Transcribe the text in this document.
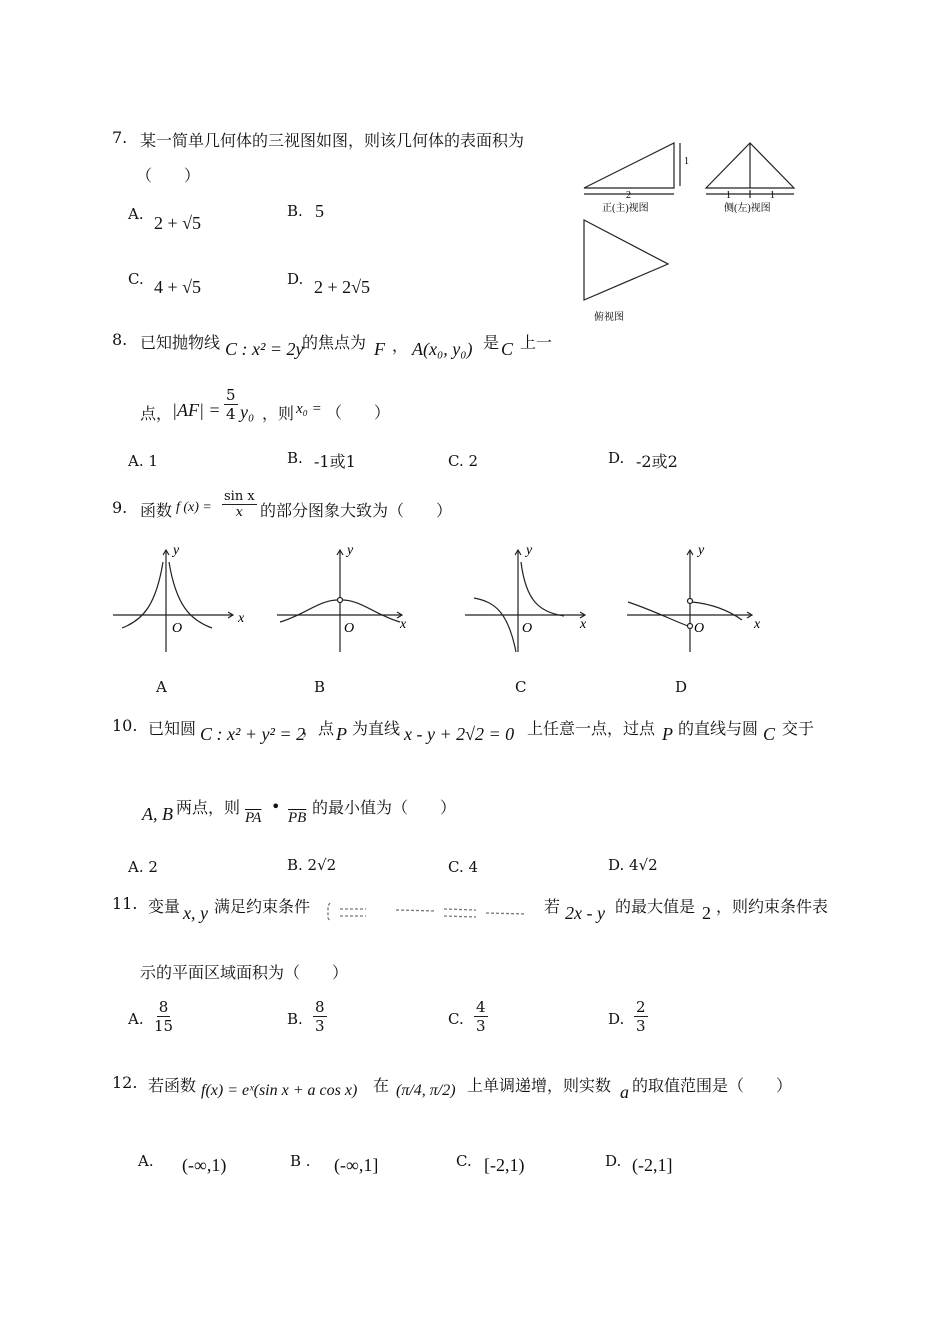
7. 某一简单几何体的三视图如图，则该几何体的表面积为
（　　）
A. 2 + √5
B. 5
C. 4 + √5	D. 2 + 2√5
1
2	1	1
正(主)视图	侧(左)视图
俯视图
8. 已知抛物线 C : x² = 2y
的焦点为 F ， A(x₀, y₀) 是 C 上一
点， $|AF| = \frac{5}{4} y_0$ ，则 x₀ = （　　）
A. 1	B. -1或1	C. 2	D. -2或2
9. 函数 f $(x) = \frac{\text{sin x}}{x}$ 的部分图象大致为（　　）
x
y
O	x
y
O	x
y
O	x
y
O
A	B	C	D
10. 已知圆 C : x² + y² = 2
，点 P 为直线 x - y + 2√2 = 0 上任意一点，过点 P 的直线与圆 C 交于
A, B 两点，则
$\overline{PA}$
•
$\overline{PB}$
的最小值为（　　）
A. 2	B. 2√2	C. 4	D. 4√2
11. 变量 x, y 满足约束条件	若 2x - y 的最大值是 2 ，则约束条件表
示的平面区域面积为（　　）
A. $\frac{8}{15}$	B. $\frac{8}{3}$	C. $\frac{4}{3}$	D. $\frac{2}{3}$
12. 若函数 f(x) = eˣ(sin x + a cos x) 在 (π/4, π/2) 上单调递增，则实数 a 的取值范围是（　　）
A. (-∞,1)	B . (-∞,1]	C. [-2,1)	D. (-2,1]
